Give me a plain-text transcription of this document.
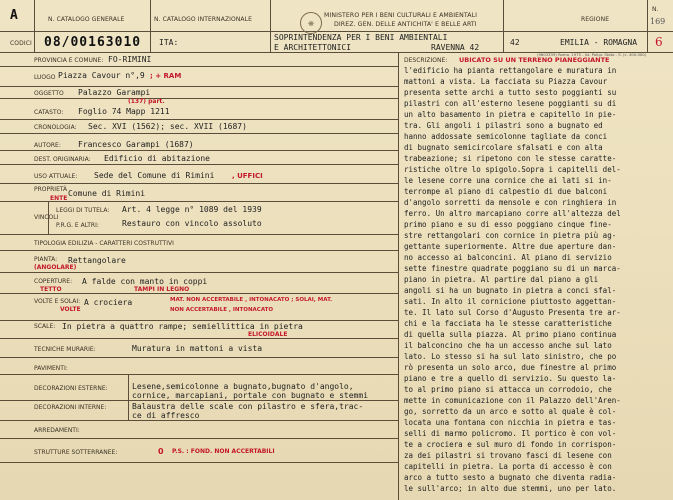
A	N. CATALOGO GENERALE	N. CATALOGO INTERNAZIONALE	❋
MINISTERO PER I BENI CULTURALI E AMBIENTALI
DIREZ. GEN. DELLE ANTICHITA' E BELLE ARTI
REGIONE
N.
169
CODICI 08/00163010 ITA:
SOPRINTENDENZA PER I BENI AMBIENTALI
E ARCHITETTONICI	RAVENNA 42
42	EMILIA - ROMAGNA 6
PROVINCIA E COMUNE: FO-RIMINI
LUOGO Piazza Cavour n°,9 ; + RAM
OGGETTO Palazzo Garampi
CATASTO: Foglio 74 Mapp 1211
(137) part.
CRONOLOGIA: Sec. XVI (1562); sec. XVII (1687)
AUTORE: Francesco Garampi (1687)
DEST. ORIGINARIA: Edificio di abitazione
USO ATTUALE: Sede del Comune di Rimini	, UFFICI
PROPRIETÀ Comune di Rimini
ENTE
VINCOLI
LEGGI DI TUTELA: Art. 4 legge n° 1089 del 1939
P.R.G. E ALTRI:	Restauro con vincolo assoluto
TIPOLOGIA EDILIZIA - CARATTERI COSTRUTTIVI
PIANTA: Rettangolare
(ANGOLARE)
COPERTURE: A falde con manto in coppi
TETTO	TAMPI IN LEGNO
VOLTE E SOLAI: A crociera	MAT. NON ACCERTABILE , INTONACATO ; SOLAI, MAT.
NON ACCERTABILE , INTONACATO
VOLTE
SCALE: In pietra a quattro rampe; semiellittica in pietra
ELICOIDALE
TECNICHE MURARIE:	Muratura in mattoni a vista
PAVIMENTI:
DECORAZIONI ESTERNE:	Lesene,semicolonne a bugnato,bugnato d'angolo,
cornice, marcapiani, portale con bugnato e stemmi
DECORAZIONI INTERNE:	Balaustra delle scale con pilastro e sfera,trac-
ce di affresco
ARREDAMENTI:
STRUTTURE SOTTERRANEE:	0 P.S. : FOND. NON ACCERTABILI
DESCRIZIONE: UBICATO SU UN TERRENO PIANEGGIANTE
(9603339) Roma, 1975 - Ist. Poligr. Stato - S. (c. 400.000)
l'edificio ha pianta rettangolare e muratura in
mattoni a vista. La facciata su Piazza Cavour
presenta sette archi a tutto sesto poggianti su
pilastri con all'esterno lesene poggianti su di
un alto basamento in pietra e capitello in pie-
tra. Gli angoli i pilastri sono a bugnato ed
hanno addossate semicolonne tagliate da conci
di bugnato semicircolare sfalsati e con alta
trabeazione; si ripetono con le stesse caratte-
ristiche oltre lo spigolo.Sopra i capitelli del-
le lesene corre una cornice che ai lati si in-
terrompe al piano di calpestio di due balconi
d'angolo sorretti da mensole e con ringhiera in
ferro. Un altro marcapiano corre all'altezza del
primo piano e su di esso poggiano cinque fine-
stre rettangolari con cornice in pietra più ag-
gettante superiormente. Altre due aperture dan-
no accesso ai balconcini. Al piano di servizio
sette finestre quadrate poggiano su di un marca-
piano in pietra. Al partire dal piano a gli
angoli si ha un bugnato in pietra a conci sfal-
sati. In alto il cornicione piuttosto aggettan-
te. Il lato sul Corso d'Augusto Presenta tre ar-
chi e la facciata ha le stesse caratteristiche
di quella sulla piazza. Al primo piano continua
il balconcino che ha un accesso anche sul lato
lato. Lo stesso si ha sul lato sinistro, che po
rò presenta un solo arco, due finestre al primo
piano e tre a quello di servizio. Su questo la-
to al primo piano si attacca un corrodoio, che
mette in comunicazione con il Palazzo dell'Aren-
go, sorretto da un arco e sotto al quale è col-
locata una fontana con nicchia in pietra e tas-
selli di marmo policromo. Il portico è con vol-
te a crociera e sul muro di fondo in corrispon-
za dei pilastri si trovano fasci di lesene con
capitelli in pietra. La porta di accesso è con
arco a tutto sesto a bugnato che diventa radia-
le sull'arco; in alto due stemmi, uno per lato.
